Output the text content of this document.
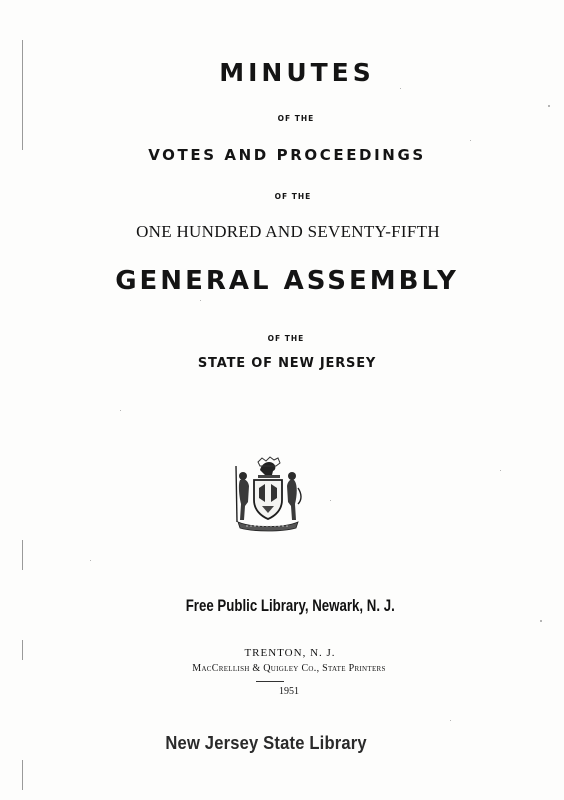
MINUTES
OF THE
VOTES AND PROCEEDINGS
OF THE
ONE HUNDRED AND SEVENTY-FIFTH
GENERAL ASSEMBLY
OF THE
STATE OF NEW JERSEY
Free Public Library, Newark, N. J.
TRENTON, N. J.
MacCrellish & Quigley Co., State Printers
1951
New Jersey State Library
